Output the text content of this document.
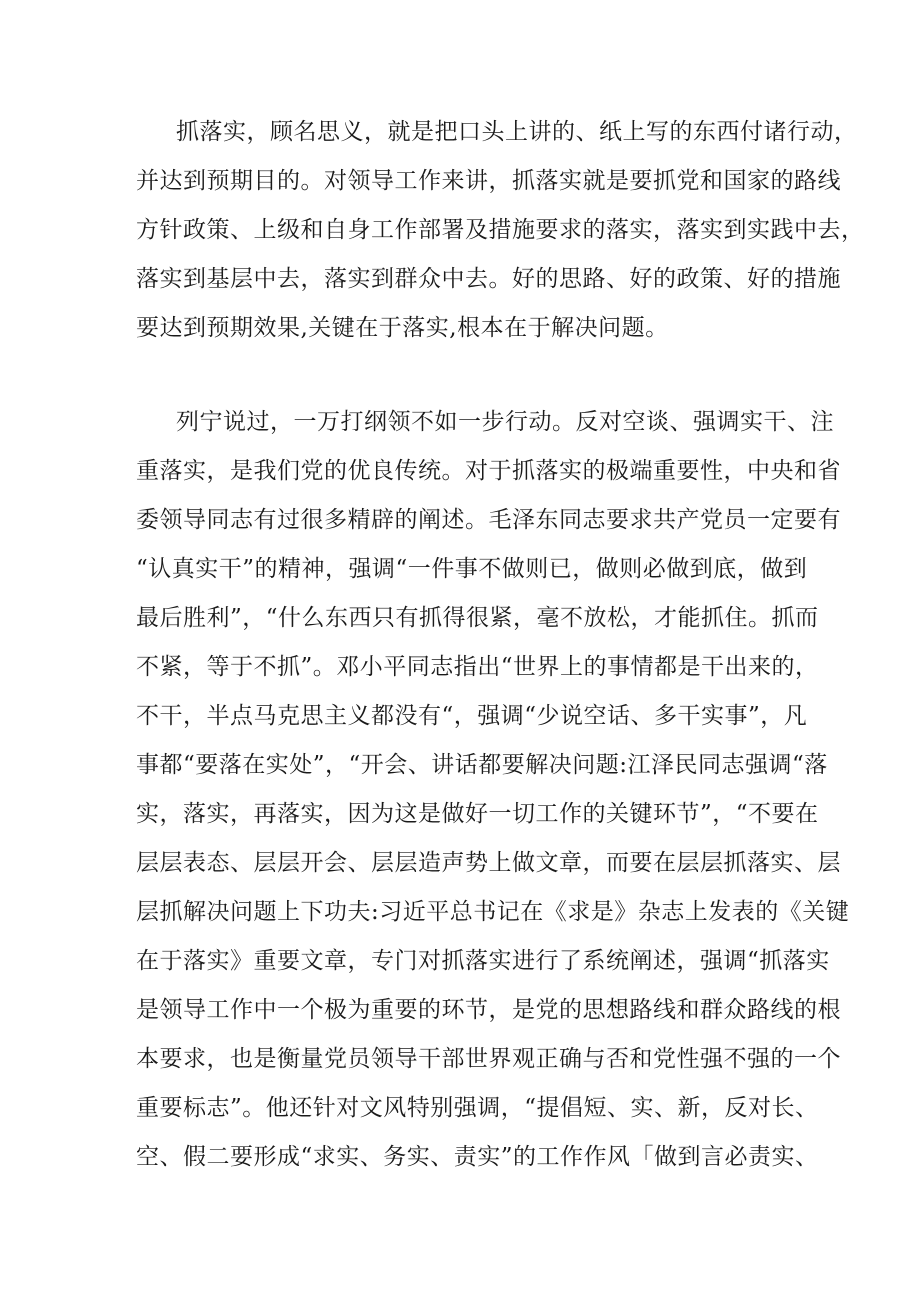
抓落实，顾名思义，就是把口头上讲的、纸上写的东西付诸行动，
并达到预期目的。对领导工作来讲，抓落实就是要抓党和国家的路线
方针政策、上级和自身工作部署及措施要求的落实，落实到实践中去，
落实到基层中去，落实到群众中去。好的思路、好的政策、好的措施
要达到预期效果,关键在于落实,根本在于解决问题。
列宁说过，一万打纲领不如一步行动。反对空谈、强调实干、注
重落实，是我们党的优良传统。对于抓落实的极端重要性，中央和省
委领导同志有过很多精辟的阐述。毛泽东同志要求共产党员一定要有
“认真实干”的精神，强调“一件事不做则已，做则必做到底，做到
最后胜利”，“什么东西只有抓得很紧，毫不放松，才能抓住。抓而
不紧，等于不抓”。邓小平同志指出“世界上的事情都是干出来的，
不干，半点马克思主义都没有“，强调“少说空话、多干实事”，凡
事都“要落在实处”，“开会、讲话都要解决问题:江泽民同志强调“落
实，落实，再落实，因为这是做好一切工作的关键环节”，“不要在
层层表态、层层开会、层层造声势上做文章，而要在层层抓落实、层
层抓解决问题上下功夫:习近平总书记在《求是》杂志上发表的《关键
在于落实》重要文章，专门对抓落实进行了系统阐述，强调“抓落实
是领导工作中一个极为重要的环节，是党的思想路线和群众路线的根
本要求，也是衡量党员领导干部世界观正确与否和党性强不强的一个
重要标志”。他还针对文风特别强调，“提倡短、实、新，反对长、
空、假二要形成“求实、务实、责实”的工作作风「做到言必责实、
